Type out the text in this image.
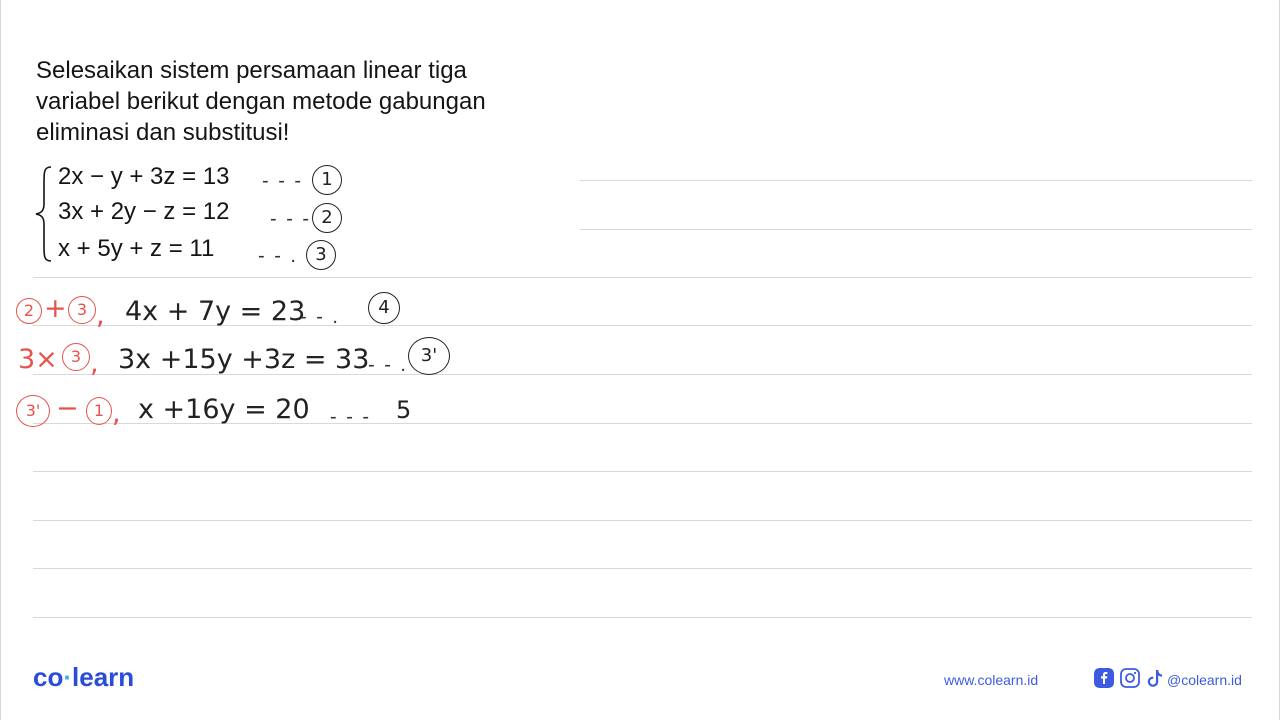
Selesaikan sistem persamaan linear tiga
variabel berikut dengan metode gabungan
eliminasi dan substitusi!
2x − y + 3z = 13 - - -	1
3x + 2y − z = 12 - - - 2
x + 5y + z = 11 - - . 3
2 + 3 , 4x + 7y = 23
- - .	4
3× 3 , 3x +15y +3z = 33
- - . 3'
3' − 1 , x +16y = 20 - - - 5
co·learn	www.colearn.id	@colearn.id
